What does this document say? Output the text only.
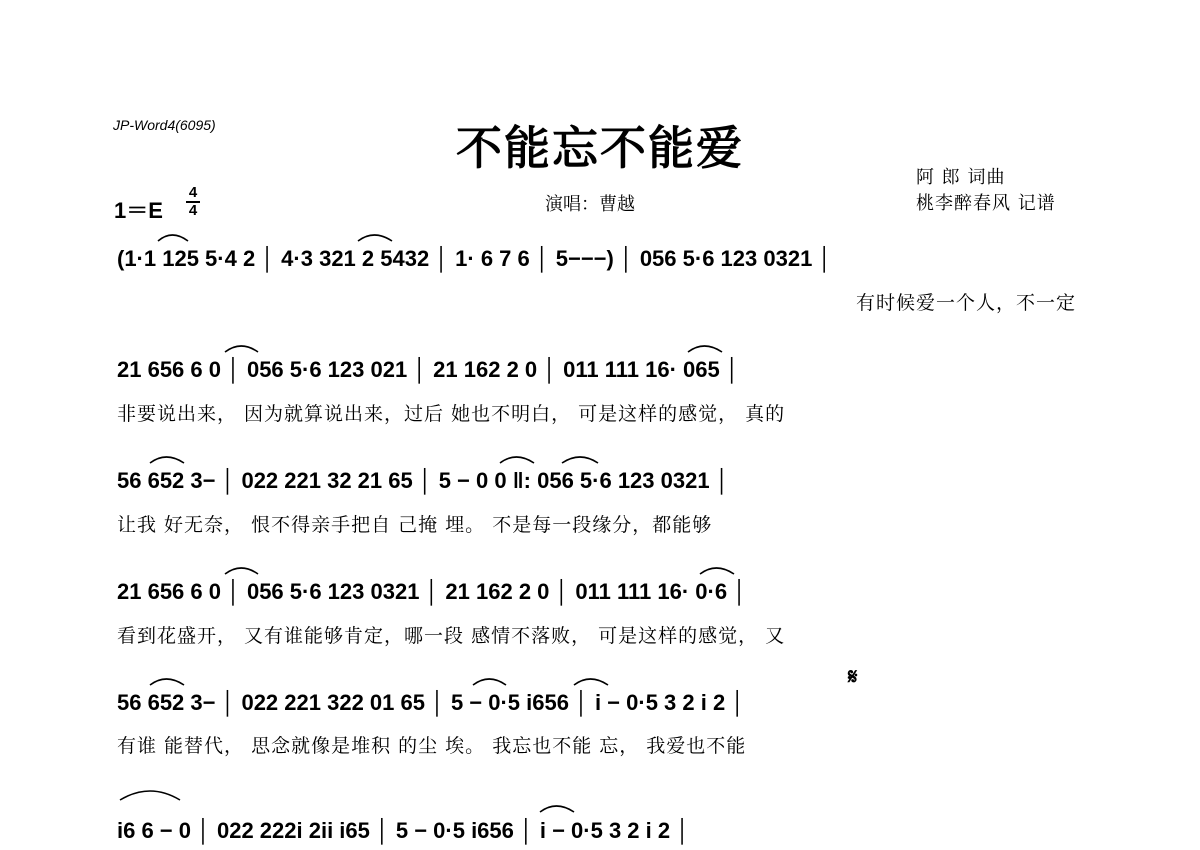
JP-Word4(6095)	不能忘不能爱
阿 郎 词曲
桃李醉春风 记谱
演唱：曹越
1＝E
4
4
(1·1 125 5·4 2 │ 4·3 321 2 5432 │ 1· 6 7 6 │ 5−−−) │ 056 5·6 123 0321 │
有时候爱一个人，不一定
21 656 6 0 │ 056 5·6 123 021 │ 21 162 2 0 │ 011 111 16· 065 │
非要说出来， 因为就算说出来，过后 她也不明白， 可是这样的感觉， 真的
56 652 3− │ 022 221 32 21 65 │ 5 − 0 0 ‖: 056 5·6 123 0321 │
让我 好无奈， 恨不得亲手把自 己掩 埋。 不是每一段缘分，都能够
21 656 6 0 │ 056 5·6 123 0321 │ 21 162 2 0 │ 011 111 16· 0·6 │
看到花盛开， 又有谁能够肯定，哪一段 感情不落败， 可是这样的感觉， 又
56 652 3− │ 022 221 322 01 65 │ 5 − 0·5 i656 │ i − 0·5 3 2 i 2 │
有谁 能替代， 思念就像是堆积 的尘 埃。 我忘也不能 忘， 我爱也不能
i6 6 − 0 │ 022 222i 2ii i65 │ 5 − 0·5 i656 │ i − 0·5 3 2 i 2 │
𝄋
